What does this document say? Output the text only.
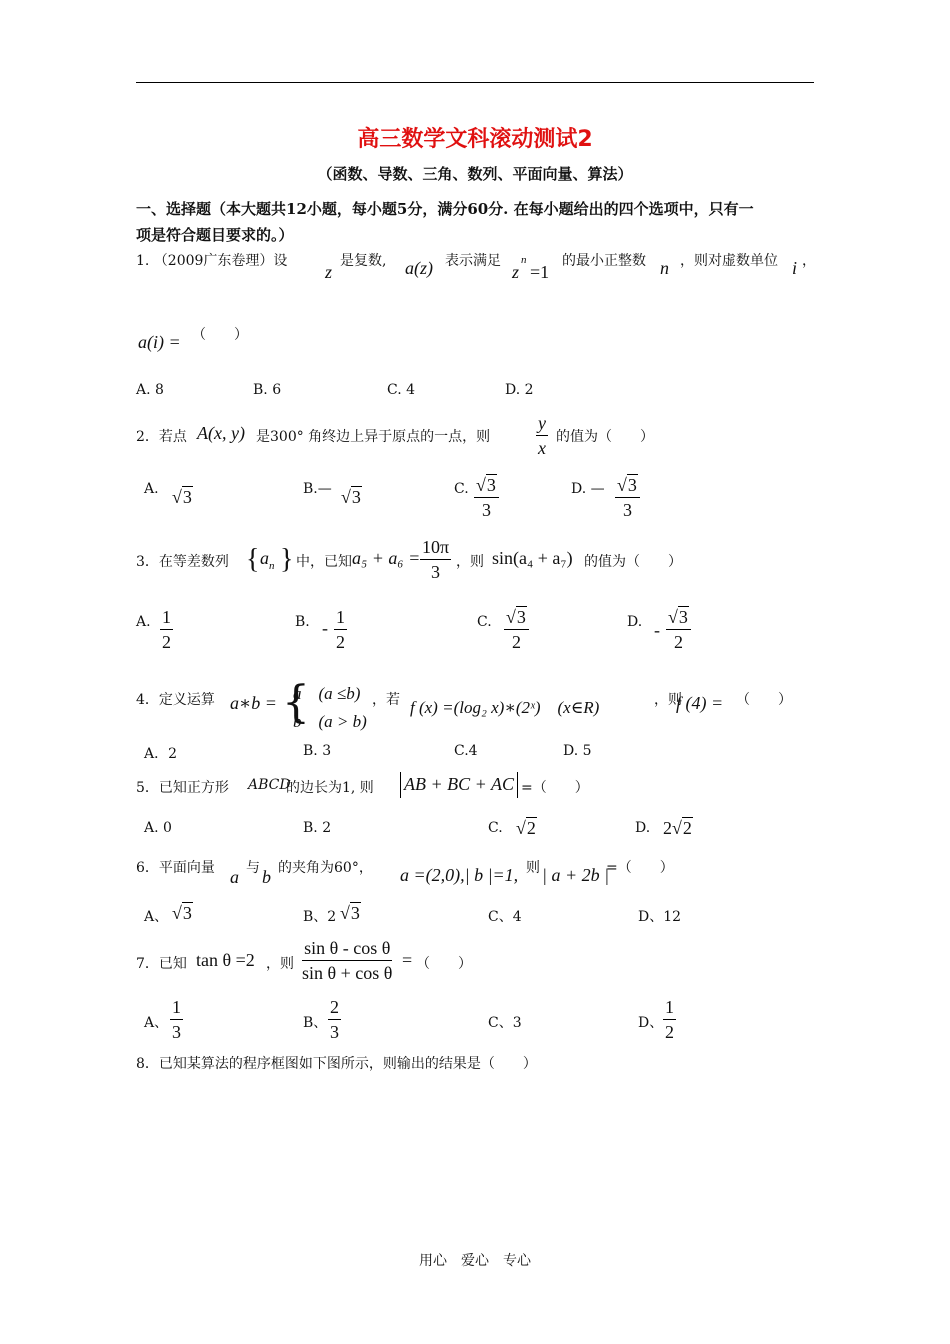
高三数学文科滚动测试2
（函数、导数、三角、数列、平面向量、算法）
一、选择题（本大题共12小题，每小题5分，满分60分. 在每小题给出的四个选项中，只有一
项是符合题目要求的。）
1. （2009广东卷理）设
z
是复数, a(z) 表示满足
z
n
=1
的最小正整数 n ，则对虚数单位 i ，
a(i) = （　　）
A. 8	B. 6	C. 4	D. 2
2．若点 A(x, y) 是300° 角终边上异于原点的一点，则	$\frac{y}{x}$ 的值为（　　）
A. √3	B.— √3	C. $\frac{√3}{3}$	D. — $\frac{√3}{3}$
3．在等差数列 { $a_n$ } 中，已知 $a_5 + a_6 = \frac{10\pi}{3}$ ，则 sin(a₄ + a₇) 的值为（　　）
A. $\frac{1}{2}$	B. - $\frac{1}{2}$	C. $\frac{√3}{2}$	D. - $\frac{√3}{2}$
4．定义运算 a∗b = {
a　(a ≤b)
b　(a > b)
，若 f (x) =(log₂ x)∗(2ˣ)　(x∈R)	，则
f (4) = （　　）
A．2	B. 3	C.4	D. 5
5．已知正方形 ABCD
的边长为1, 则 AB + BC + AC =（　　）
A. 0	B. 2	C. √2	D. 2 √2
6．平面向量 a 与 b 的夹角为60°， a =(2,0),| b |=1, 则 | a + 2b |
=（　　）
A、 √3	B、2 √3	C、4	D、12
7．已知 tan θ =2 ，则 $\frac{\text{sin θ - cos θ}}{\text{sin θ + cos θ}}$ = （　　）
A、 $\frac{1}{3}$	B、 $\frac{2}{3}$	C、3	D、 $\frac{1}{2}$
8．已知某算法的程序框图如下图所示，则输出的结果是（　　）
用心　爱心　专心
